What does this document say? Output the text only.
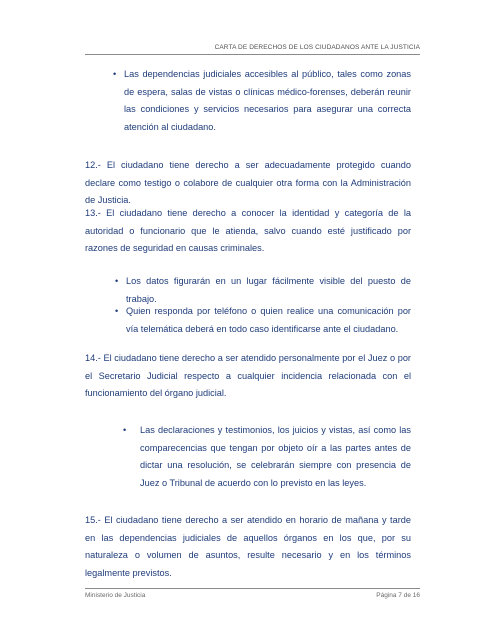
CARTA DE DERECHOS DE LOS CIUDADANOS ANTE LA JUSTICIA
• Las dependencias judiciales accesibles al público, tales como zonas de espera, salas de vistas o clínicas médico-forenses, deberán reunir las condiciones y servicios necesarios para asegurar una correcta atención al ciudadano.

12.- El ciudadano tiene derecho a ser adecuadamente protegido cuando declare como testigo o colabore de cualquier otra forma con la Administración de Justicia.

13.- El ciudadano tiene derecho a conocer la identidad y categoría de la autoridad o funcionario que le atienda, salvo cuando esté justificado por razones de seguridad en causas criminales.

• Los datos figurarán en un lugar fácilmente visible del puesto de trabajo.
• Quien responda por teléfono o quien realice una comunicación por vía telemática deberá en todo caso identificarse ante el ciudadano.

14.- El ciudadano tiene derecho a ser atendido personalmente por el Juez o por el Secretario Judicial respecto a cualquier incidencia relacionada con el funcionamiento del órgano judicial.

• Las declaraciones y testimonios, los juicios y vistas, así como las comparecencias que tengan por objeto oír a las partes antes de dictar una resolución, se celebrarán siempre con presencia de Juez o Tribunal de acuerdo con lo previsto en las leyes.

15.- El ciudadano tiene derecho a ser atendido en horario de mañana y tarde en las dependencias judiciales de aquellos órganos en los que, por su naturaleza o volumen de asuntos, resulte necesario y en los términos legalmente previstos.

Ministerio de Justicia	Página 7 de 16
